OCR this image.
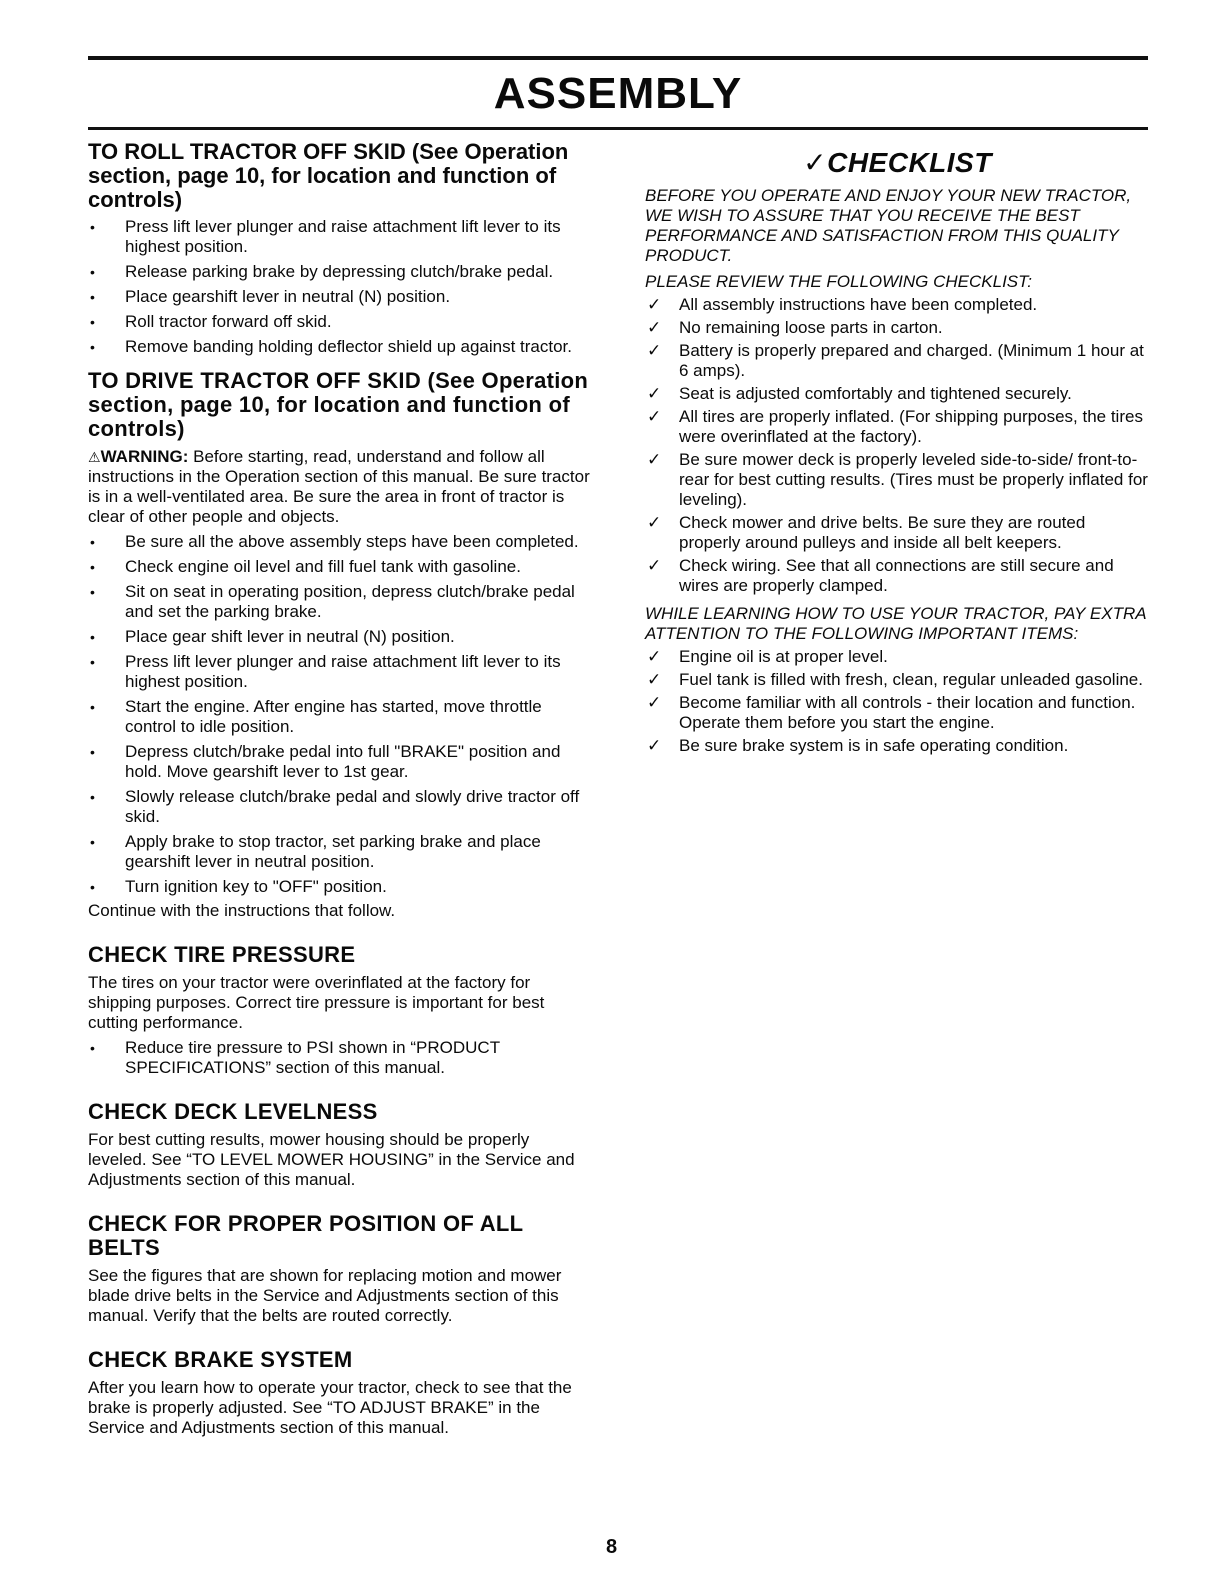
ASSEMBLY
TO ROLL TRACTOR OFF SKID (See Operation section, page 10, for location and function of controls)
• Press lift lever plunger and raise attachment lift lever to its highest position.
• Release parking brake by depressing clutch/brake pedal.
• Place gearshift lever in neutral (N) position.
• Roll tractor forward off skid.
• Remove banding holding deflector shield up against tractor.
TO DRIVE TRACTOR OFF SKID (See Operation section, page 10, for location and function of controls)

⚠WARNING: Before starting, read, understand and follow all instructions in the Operation section of this manual. Be sure tractor is in a well-ventilated area. Be sure the area in front of tractor is clear of other people and objects.

• Be sure all the above assembly steps have been completed.
• Check engine oil level and fill fuel tank with gasoline.
• Sit on seat in operating position, depress clutch/brake pedal and set the parking brake.
• Place gear shift lever in neutral (N) position.
• Press lift lever plunger and raise attachment lift lever to its highest position.
• Start the engine. After engine has started, move throttle control to idle position.
• Depress clutch/brake pedal into full "BRAKE" position and hold. Move gearshift lever to 1st gear.
• Slowly release clutch/brake pedal and slowly drive tractor off skid.
• Apply brake to stop tractor, set parking brake and place gearshift lever in neutral position.
• Turn ignition key to "OFF" position.

Continue with the instructions that follow.

CHECK TIRE PRESSURE

The tires on your tractor were overinflated at the factory for shipping purposes. Correct tire pressure is important for best cutting performance.

• Reduce tire pressure to PSI shown in “PRODUCT SPECIFICATIONS” section of this manual.
CHECK DECK LEVELNESS

For best cutting results, mower housing should be properly leveled. See “TO LEVEL MOWER HOUSING” in the Service and Adjustments section of this manual.

CHECK FOR PROPER POSITION OF ALL BELTS

See the figures that are shown for replacing motion and mower blade drive belts in the Service and Adjustments section of this manual. Verify that the belts are routed correctly.

CHECK BRAKE SYSTEM

After you learn how to operate your tractor, check to see that the brake is properly adjusted. See “TO ADJUST BRAKE” in the Service and Adjustments section of this manual.

✓CHECKLIST

BEFORE YOU OPERATE AND ENJOY YOUR NEW TRACTOR, WE WISH TO ASSURE THAT YOU RECEIVE THE BEST PERFORMANCE AND SATISFACTION FROM THIS QUALITY PRODUCT.

PLEASE REVIEW THE FOLLOWING CHECKLIST:

✓ All assembly instructions have been completed.
✓ No remaining loose parts in carton.
✓ Battery is properly prepared and charged. (Minimum 1 hour at 6 amps).
✓ Seat is adjusted comfortably and tightened securely.
✓ All tires are properly inflated. (For shipping purposes, the tires were overinflated at the factory).
✓ Be sure mower deck is properly leveled side-to-side/ front-to-rear for best cutting results. (Tires must be properly inflated for leveling).
✓ Check mower and drive belts. Be sure they are routed properly around pulleys and inside all belt keepers.
✓ Check wiring. See that all connections are still secure and wires are properly clamped.

WHILE LEARNING HOW TO USE YOUR TRACTOR, PAY EXTRA ATTENTION TO THE FOLLOWING IMPORTANT ITEMS:

✓ Engine oil is at proper level.
✓ Fuel tank is filled with fresh, clean, regular unleaded gasoline.
✓ Become familiar with all controls - their location and function. Operate them before you start the engine.
✓ Be sure brake system is in safe operating condition.
8
